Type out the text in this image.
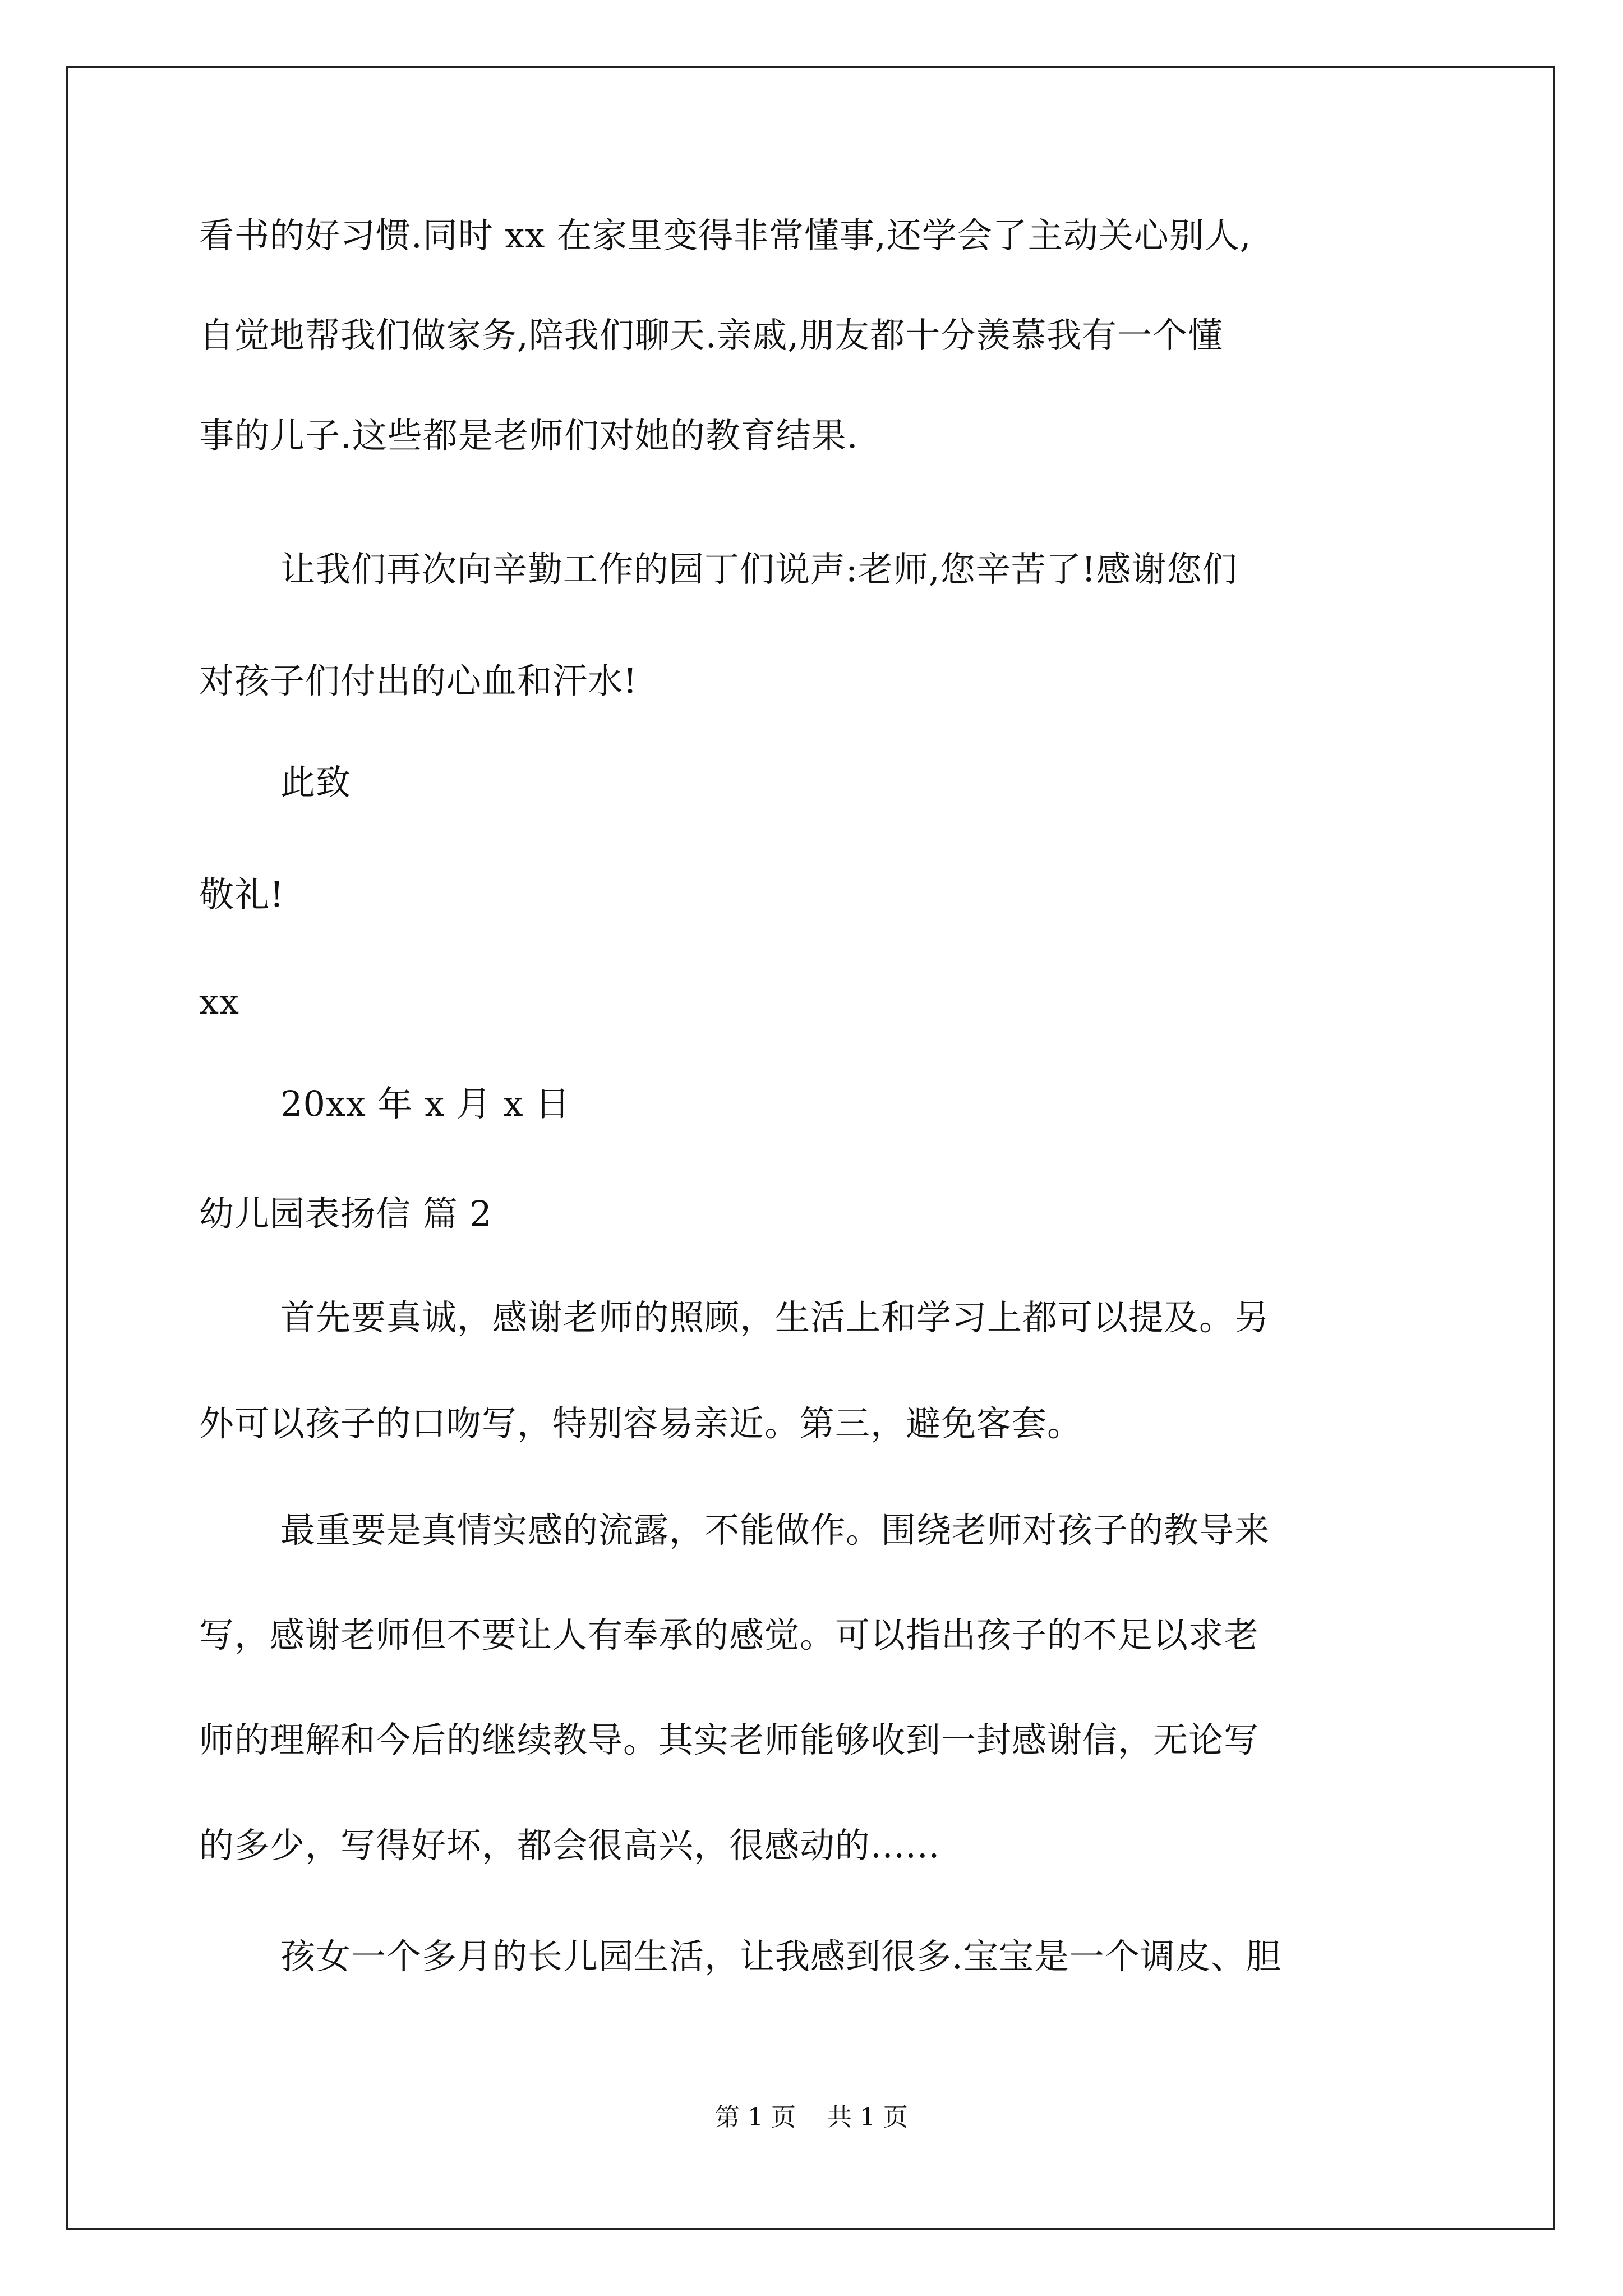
看书的好习惯.同时 xx 在家里变得非常懂事,还学会了主动关心别人,
自觉地帮我们做家务,陪我们聊天.亲戚,朋友都十分羡慕我有一个懂
事的儿子.这些都是老师们对她的教育结果.
让我们再次向辛勤工作的园丁们说声:老师,您辛苦了!感谢您们
对孩子们付出的心血和汗水!
此致
敬礼!
xx
20xx 年 x 月 x 日
幼儿园表扬信 篇 2
首先要真诚，感谢老师的照顾，生活上和学习上都可以提及。另
外可以孩子的口吻写，特别容易亲近。第三，避免客套。
最重要是真情实感的流露，不能做作。围绕老师对孩子的教导来
写，感谢老师但不要让人有奉承的感觉。可以指出孩子的不足以求老
师的理解和今后的继续教导。其实老师能够收到一封感谢信，无论写
的多少，写得好坏，都会很高兴，很感动的......
孩女一个多月的长儿园生活，让我感到很多.宝宝是一个调皮、胆
第 1 页    共 1 页
